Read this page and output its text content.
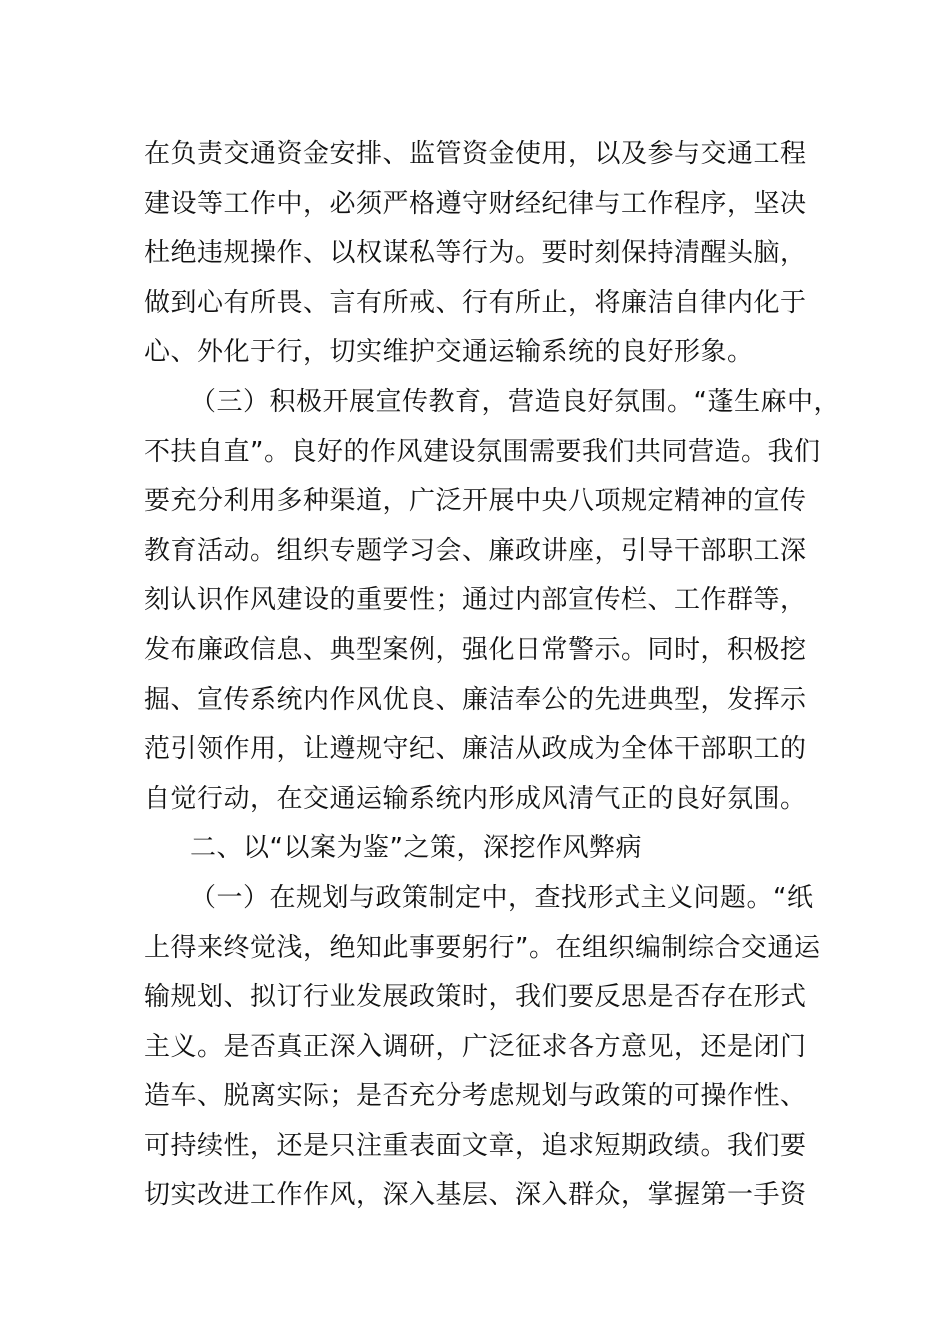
在负责交通资金安排、监管资金使用，以及参与交通工程
建设等工作中，必须严格遵守财经纪律与工作程序，坚决
杜绝违规操作、以权谋私等行为。要时刻保持清醒头脑，
做到心有所畏、言有所戒、行有所止，将廉洁自律内化于
心、外化于行，切实维护交通运输系统的良好形象。
（三）积极开展宣传教育，营造良好氛围。“蓬生麻中，
不扶自直”。良好的作风建设氛围需要我们共同营造。我们
要充分利用多种渠道，广泛开展中央八项规定精神的宣传
教育活动。组织专题学习会、廉政讲座，引导干部职工深
刻认识作风建设的重要性；通过内部宣传栏、工作群等，
发布廉政信息、典型案例，强化日常警示。同时，积极挖
掘、宣传系统内作风优良、廉洁奉公的先进典型，发挥示
范引领作用，让遵规守纪、廉洁从政成为全体干部职工的
自觉行动，在交通运输系统内形成风清气正的良好氛围。
二、以“以案为鉴”之策，深挖作风弊病
（一）在规划与政策制定中，查找形式主义问题。“纸
上得来终觉浅，绝知此事要躬行”。在组织编制综合交通运
输规划、拟订行业发展政策时，我们要反思是否存在形式
主义。是否真正深入调研，广泛征求各方意见，还是闭门
造车、脱离实际；是否充分考虑规划与政策的可操作性、
可持续性，还是只注重表面文章，追求短期政绩。我们要
切实改进工作作风，深入基层、深入群众，掌握第一手资
